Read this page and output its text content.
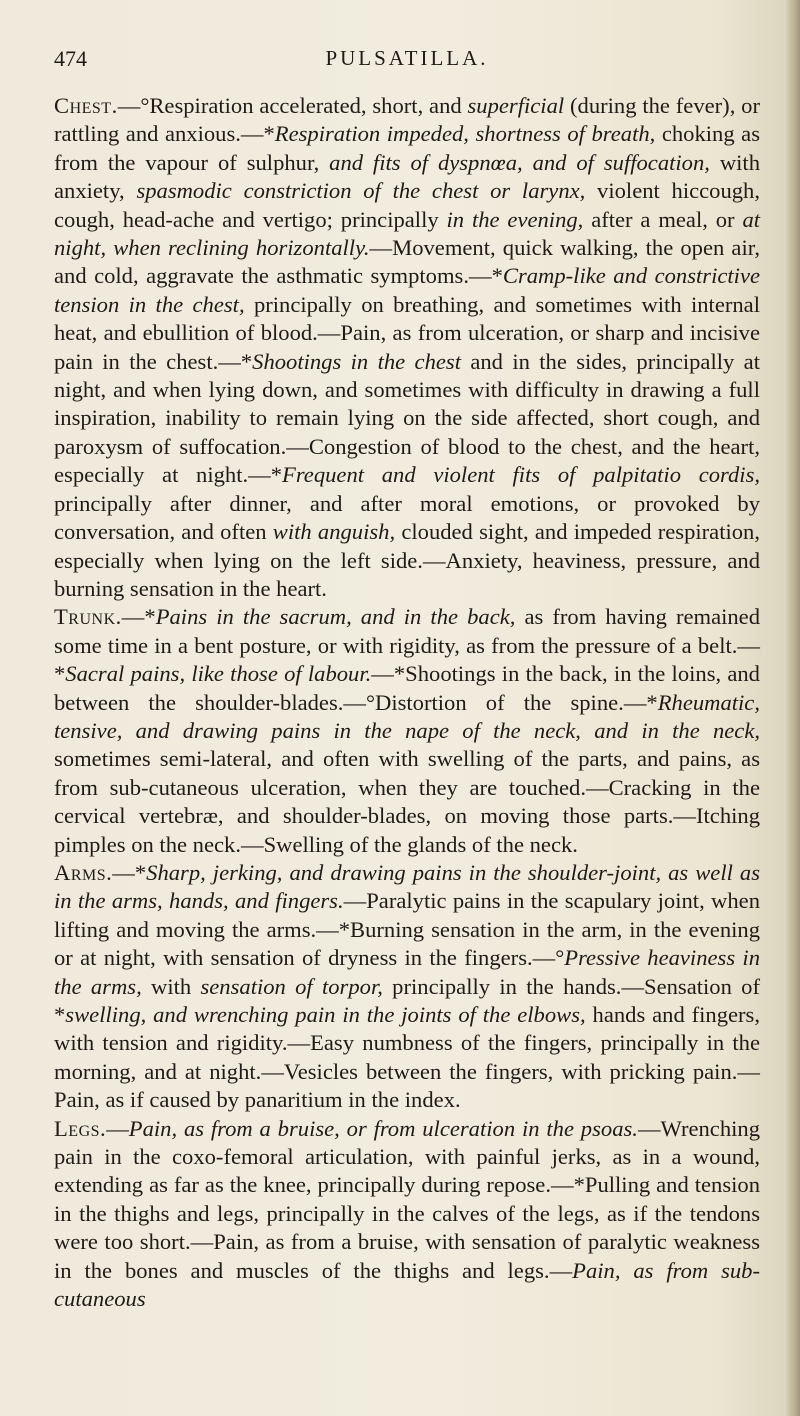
474	PULSATILLA.

Chest.—°Respiration accelerated, short, and superficial (during the fever), or rattling and anxious.—*Respiration impeded, shortness of breath, choking as from the vapour of sulphur, and fits of dyspnœa, and of suffocation, with anxiety, spasmodic constriction of the chest or larynx, violent hiccough, cough, head-ache and vertigo; principally in the evening, after a meal, or at night, when reclining horizontally.—Movement, quick walking, the open air, and cold, aggravate the asthmatic symptoms.—*Cramp-like and constrictive tension in the chest, principally on breathing, and sometimes with internal heat, and ebullition of blood.—Pain, as from ulceration, or sharp and incisive pain in the chest.—*Shootings in the chest and in the sides, principally at night, and when lying down, and sometimes with difficulty in drawing a full inspiration, inability to remain lying on the side affected, short cough, and paroxysm of suffocation.—Congestion of blood to the chest, and the heart, especially at night.—*Frequent and violent fits of palpitatio cordis, principally after dinner, and after moral emotions, or provoked by conversation, and often with anguish, clouded sight, and impeded respiration, especially when lying on the left side.—Anxiety, heaviness, pressure, and burning sensation in the heart.

Trunk.—*Pains in the sacrum, and in the back, as from having remained some time in a bent posture, or with rigidity, as from the pressure of a belt.—*Sacral pains, like those of labour.—*Shootings in the back, in the loins, and between the shoulder-blades.—°Distortion of the spine.—*Rheumatic, tensive, and drawing pains in the nape of the neck, and in the neck, sometimes semi-lateral, and often with swelling of the parts, and pains, as from sub-cutaneous ulceration, when they are touched.—Cracking in the cervical vertebræ, and shoulder-blades, on moving those parts.—Itching pimples on the neck.—Swelling of the glands of the neck.

Arms.—*Sharp, jerking, and drawing pains in the shoulder-joint, as well as in the arms, hands, and fingers.—Paralytic pains in the scapulary joint, when lifting and moving the arms.—*Burning sensation in the arm, in the evening or at night, with sensation of dryness in the fingers.—°Pressive heaviness in the arms, with sensation of torpor, principally in the hands.—Sensation of *swelling, and wrenching pain in the joints of the elbows, hands and fingers, with tension and rigidity.—Easy numbness of the fingers, principally in the morning, and at night.—Vesicles between the fingers, with pricking pain.—Pain, as if caused by panaritium in the index.

Legs.—Pain, as from a bruise, or from ulceration in the psoas.—Wrenching pain in the coxo-femoral articulation, with painful jerks, as in a wound, extending as far as the knee, principally during repose.—*Pulling and tension in the thighs and legs, principally in the calves of the legs, as if the tendons were too short.—Pain, as from a bruise, with sensation of paralytic weakness in the bones and muscles of the thighs and legs.—Pain, as from sub-cutaneous
